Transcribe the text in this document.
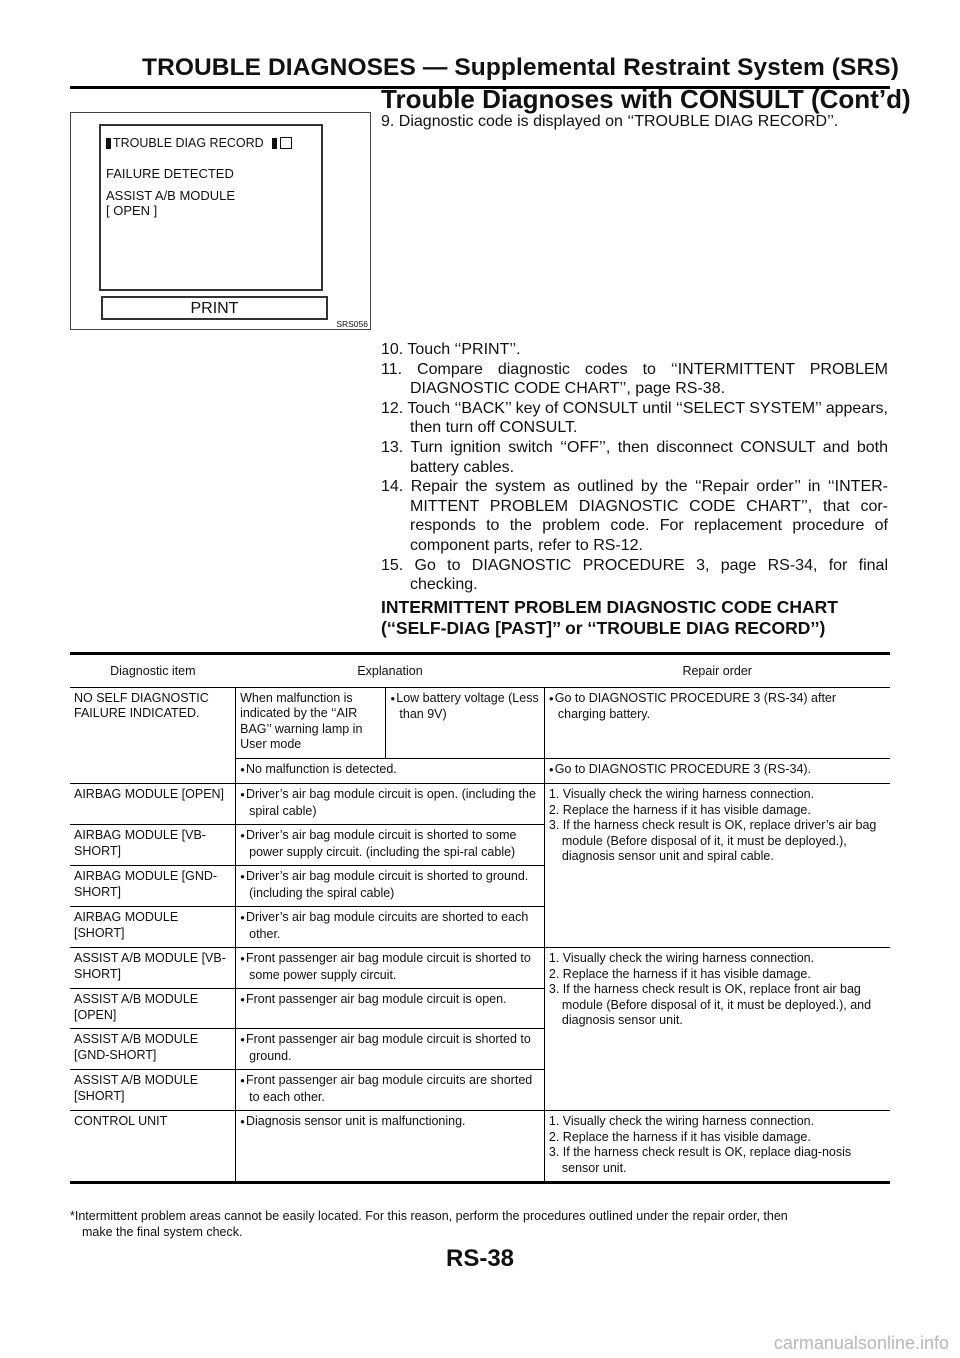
TROUBLE DIAGNOSES — Supplemental Restraint System (SRS)
Trouble Diagnoses with CONSULT (Cont’d)
TROUBLE DIAG RECORD
FAILURE DETECTED
ASSIST A/B MODULE
[ OPEN ]
PRINT
SRS056
9. Diagnostic code is displayed on ‘‘TROUBLE DIAG RECORD’’.
10. Touch ‘‘PRINT’’.
11. Compare diagnostic codes to ‘‘INTERMITTENT PROBLEM DIAGNOSTIC CODE CHART’’, page RS-38.
12. Touch ‘‘BACK’’ key of CONSULT until ‘‘SELECT SYSTEM’’ appears, then turn off CONSULT.
13. Turn ignition switch ‘‘OFF’’, then disconnect CONSULT and both battery cables.
14. Repair the system as outlined by the ‘‘Repair order’’ in ‘‘INTER-MITTENT PROBLEM DIAGNOSTIC CODE CHART’’, that cor-responds to the problem code. For replacement procedure of component parts, refer to RS-12.
15. Go to DIAGNOSTIC PROCEDURE 3, page RS-34, for final checking.
INTERMITTENT PROBLEM DIAGNOSTIC CODE CHART
(‘‘SELF-DIAG [PAST]’’ or ‘‘TROUBLE DIAG RECORD’’)
Diagnostic item	Explanation		Repair order
NO SELF DIAGNOSTIC FAILURE INDICATED.	When malfunction is indicated by the ‘‘AIR BAG’’ warning lamp in User mode	● Low battery voltage (Less than 9V)	● Go to DIAGNOSTIC PROCEDURE 3 (RS-34) after charging battery.

	● No malfunction is detected.		● Go to DIAGNOSTIC PROCEDURE 3 (RS-34).

AIRBAG MODULE [OPEN]	● Driver’s air bag module circuit is open. (including the spiral cable)		1. Visually check the wiring harness connection.
2. Replace the harness if it has visible damage.
3. If the harness check result is OK, replace driver’s air bag module (Before disposal of it, it must be deployed.), diagnosis sensor unit and spiral cable.

AIRBAG MODULE [VB-SHORT]	● Driver’s air bag module circuit is shorted to some power supply circuit. (including the spi-ral cable)

AIRBAG MODULE [GND-SHORT]	● Driver’s air bag module circuit is shorted to ground. (including the spiral cable)

AIRBAG MODULE [SHORT]	● Driver’s air bag module circuits are shorted to each other.

ASSIST A/B MODULE [VB-SHORT]	● Front passenger air bag module circuit is shorted to some power supply circuit.		1. Visually check the wiring harness connection.
2. Replace the harness if it has visible damage.
3. If the harness check result is OK, replace front air bag module (Before disposal of it, it must be deployed.), and diagnosis sensor unit.

ASSIST A/B MODULE [OPEN]	● Front passenger air bag module circuit is open.

ASSIST A/B MODULE [GND-SHORT]	● Front passenger air bag module circuit is shorted to ground.

ASSIST A/B MODULE [SHORT]	● Front passenger air bag module circuits are shorted to each other.

CONTROL UNIT	● Diagnosis sensor unit is malfunctioning.		1. Visually check the wiring harness connection.
2. Replace the harness if it has visible damage.
3. If the harness check result is OK, replace diag-nosis sensor unit.
*Intermittent problem areas cannot be easily located. For this reason, perform the procedures outlined under the repair order, then
make the final system check.
RS-38
carmanualsonline.info
